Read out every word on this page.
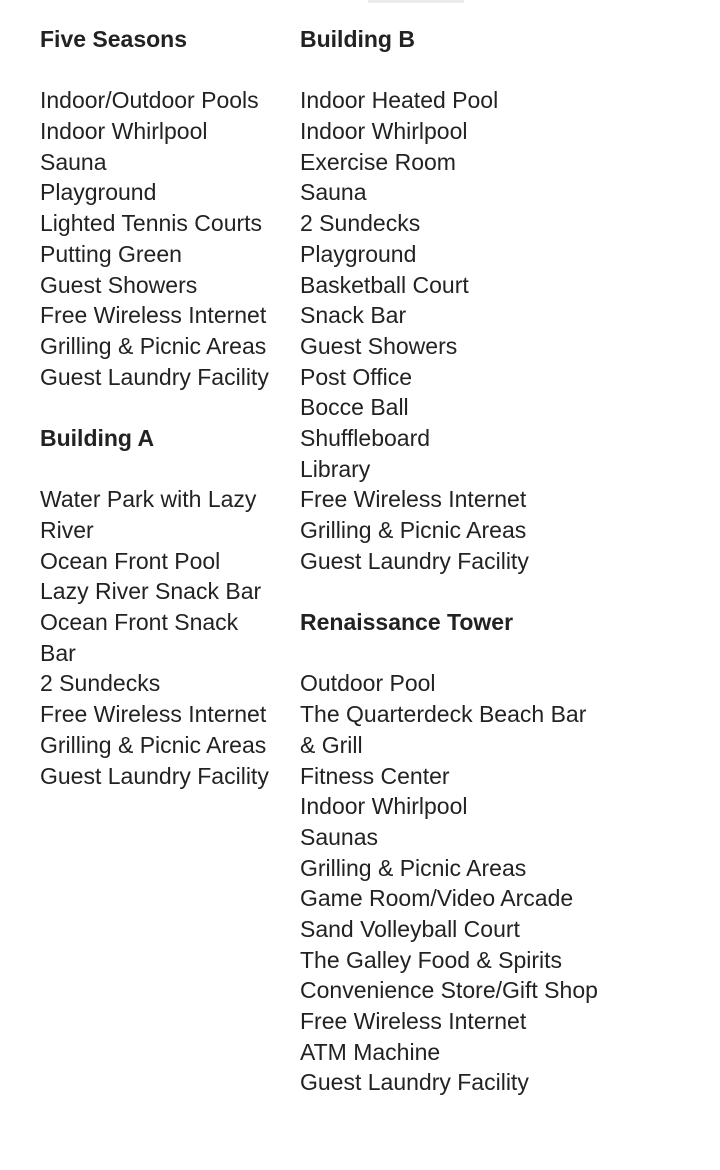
Five Seasons
Indoor/Outdoor Pools
Indoor Whirlpool
Sauna
Playground
Lighted Tennis Courts
Putting Green
Guest Showers
Free Wireless Internet
Grilling & Picnic Areas
Guest Laundry Facility
Building A
Water Park with Lazy
River
Ocean Front Pool
Lazy River Snack Bar
Ocean Front Snack
Bar
2 Sundecks
Free Wireless Internet
Grilling & Picnic Areas
Guest Laundry Facility
Building B
Indoor Heated Pool
Indoor Whirlpool
Exercise Room
Sauna
2 Sundecks
Playground
Basketball Court
Snack Bar
Guest Showers
Post Office
Bocce Ball
Shuffleboard
Library
Free Wireless Internet
Grilling & Picnic Areas
Guest Laundry Facility
Renaissance Tower
Outdoor Pool
The Quarterdeck Beach Bar
& Grill
Fitness Center
Indoor Whirlpool
Saunas
Grilling & Picnic Areas
Game Room/Video Arcade
Sand Volleyball Court
The Galley Food & Spirits
Convenience Store/Gift Shop
Free Wireless Internet
ATM Machine
Guest Laundry Facility
